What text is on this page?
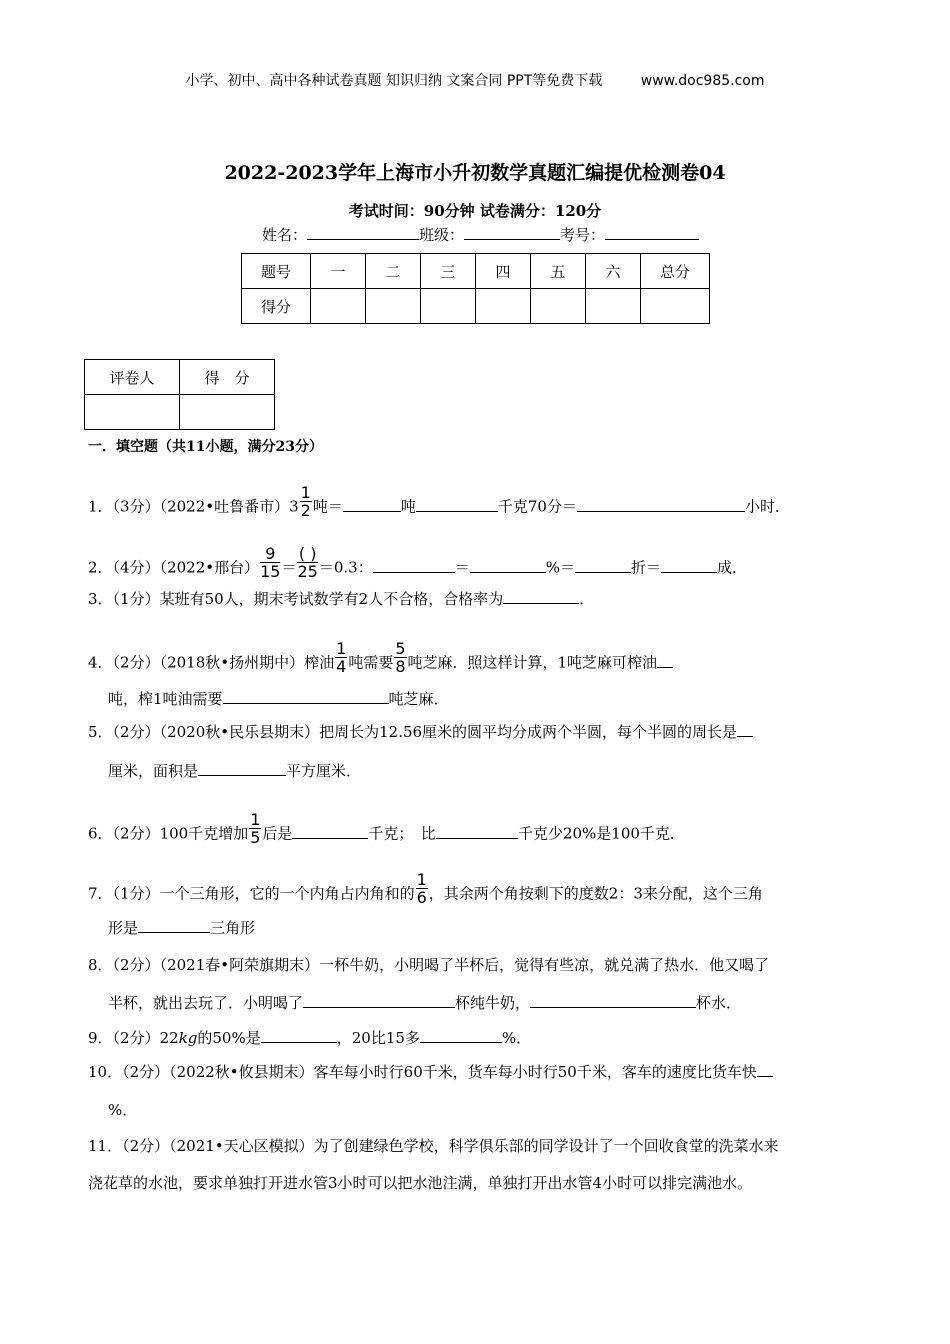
小学、初中、高中各种试卷真题 知识归纳 文案合同 PPT等免费下载	www.doc985.com
2022-2023学年上海市小升初数学真题汇编提优检测卷04
考试时间：90分钟 试卷满分：120分
姓名：	班级：	考号：
题号	一	二	三	四	五	六	总分
得分							
评卷人	得　分

一．填空题（共11小题，满分23分）
1．（3分）（2022•吐鲁番市）$3 \frac{1}{2}$ 吨＝	吨	千克70分＝	小时．
2．（4分）（2022•邢台） $\frac{9}{15} = \frac{( )}{25} =0.3$：	＝	%＝	折＝	成．
3．（1分）某班有50人，期末考试数学有2人不合格，合格率为	．
4．（2分）（2018秋•扬州期中）榨油 $\frac{1}{4}$ 吨需要 $\frac{5}{8}$ 吨芝麻．照这样计算，1吨芝麻可榨油
吨，榨1吨油需要	吨芝麻．
5．（2分）（2020秋•民乐县期末）把周长为12.56厘米的圆平均分成两个半圆，每个半圆的周长是
厘米，面积是	平方厘米．
6．（2分）100千克增加 $\frac{1}{5}$ 后是	千克；　比	千克少20%是100千克．
7．（1分）一个三角形，它的一个内角占内角和的 $\frac{1}{6}$ ，其余两个角按剩下的度数2：3来分配，这个三角
形是	三角形
8．（2分）（2021春•阿荣旗期末）一杯牛奶，小明喝了半杯后，觉得有些凉，就兑满了热水．他又喝了
半杯，就出去玩了．小明喝了	杯纯牛奶，	杯水．
9．（2分）22kg的50%是	，20比15多	%．
10．（2分）（2022秋•攸县期末）客车每小时行60千米，货车每小时行50千米，客车的速度比货车快
%．
11．（2分）（2021•天心区模拟）为了创建绿色学校，科学俱乐部的同学设计了一个回收食堂的洗菜水来
浇花草的水池，要求单独打开进水管3小时可以把水池注满，单独打开出水管4小时可以排完满池水。
